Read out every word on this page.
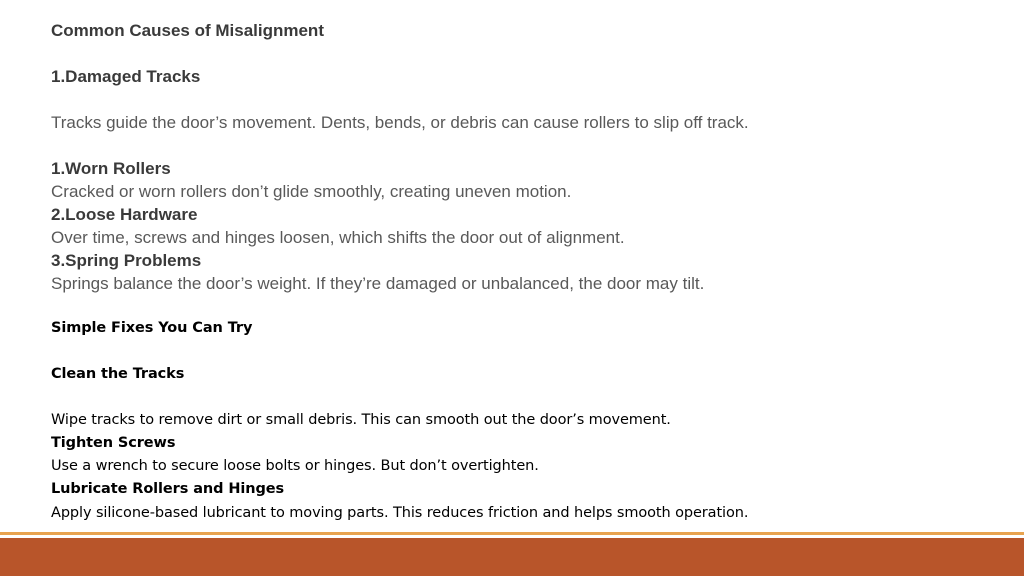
Common Causes of Misalignment
1.Damaged Tracks
Tracks guide the door’s movement. Dents, bends, or debris can cause rollers to slip off track.
1.Worn Rollers
Cracked or worn rollers don’t glide smoothly, creating uneven motion.
2.Loose Hardware
Over time, screws and hinges loosen, which shifts the door out of alignment.
3.Spring Problems
Springs balance the door’s weight. If they’re damaged or unbalanced, the door may tilt.
Simple Fixes You Can Try
Clean the Tracks
Wipe tracks to remove dirt or small debris. This can smooth out the door’s movement.
Tighten Screws
Use a wrench to secure loose bolts or hinges. But don’t overtighten.
Lubricate Rollers and Hinges
Apply silicone-based lubricant to moving parts. This reduces friction and helps smooth operation.
